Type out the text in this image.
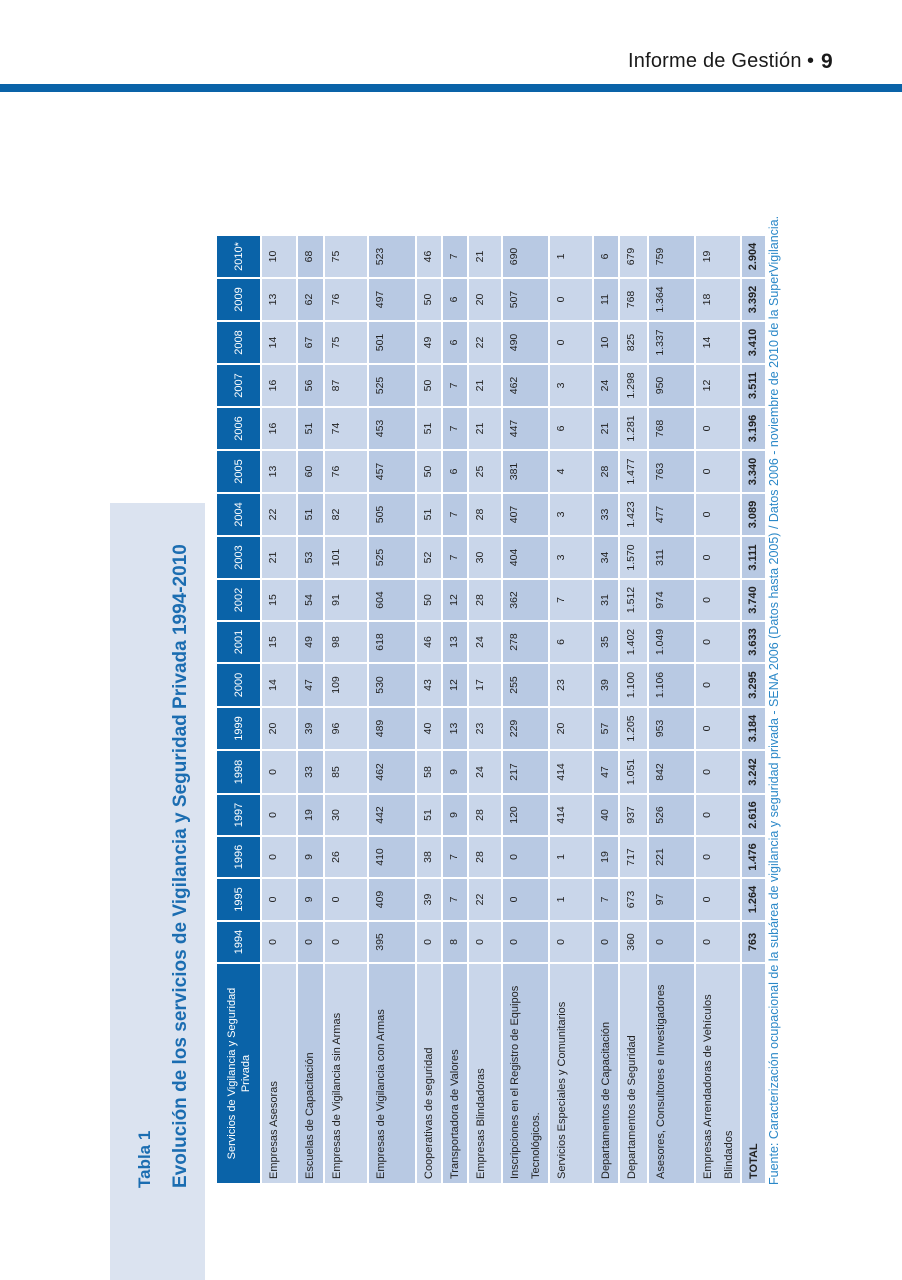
Informe de Gestión • 9
Tabla 1 Evolución de los servicios de Vigilancia y Seguridad Privada 1994-2010	Servicios de Vigilancia y Seguridad Privada	1994	1995	1996	1997	1998	1999	2000	2001	2002	2003	2004	2005	2006	2007	2008	2009	2010*
Empresas Asesoras	0	0	0	0	0	20	14	15	15	21	22	13	16	16	14	13	10
Escuelas de Capacitación	0	9	9	19	33	39	47	49	54	53	51	60	51	56	67	62	68
Empresas de Vigilancia sin Armas	0	0	26	30	85	96	109	98	91	101	82	76	74	87	75	76	75
Empresas de Vigilancia con Armas	395	409	410	442	462	489	530	618	604	525	505	457	453	525	501	497	523
Cooperativas de seguridad	0	39	38	51	58	40	43	46	50	52	51	50	51	50	49	50	46
Transportadora de Valores	8	7	7	9	9	13	12	13	12	7	7	6	7	7	6	6	7
Empresas Blindadoras	0	22	28	28	24	23	17	24	28	30	28	25	21	21	22	20	21
Inscripciones en el Registro de Equipos Tecnológicos.	0	0	0	120	217	229	255	278	362	404	407	381	447	462	490	507	690
Servicios Especiales y Comunitarios	0	1	1	414	414	20	23	6	7	3	3	4	6	3	0	0	1
Departamentos de Capacitación	0	7	19	40	47	57	39	35	31	34	33	28	21	24	10	11	6
Departamentos de Seguridad	360	673	717	937	1.051	1.205	1.100	1.402	1.512	1.570	1.423	1.477	1.281	1.298	825	768	679
Asesores, Consultores e Investigadores	0	97	221	526	842	953	1.106	1.049	974	311	477	763	768	950	1.337	1.364	759
Empresas Arrendadoras de Vehículos Blindados	0	0	0	0	0	0	0	0	0	0	0	0	0	12	14	18	19
TOTAL	763	1.264	1.476	2.616	3.242	3.184	3.295	3.633	3.740	3.111	3.089	3.340	3.196	3.511	3.410	3.392	2.904 Fuente: Caracterización ocupacional de la subárea de vigilancia y seguridad privada - SENA 2006 (Datos hasta 2005) / Datos 2006 - noviembre de 2010 de la SuperVigilancia.
